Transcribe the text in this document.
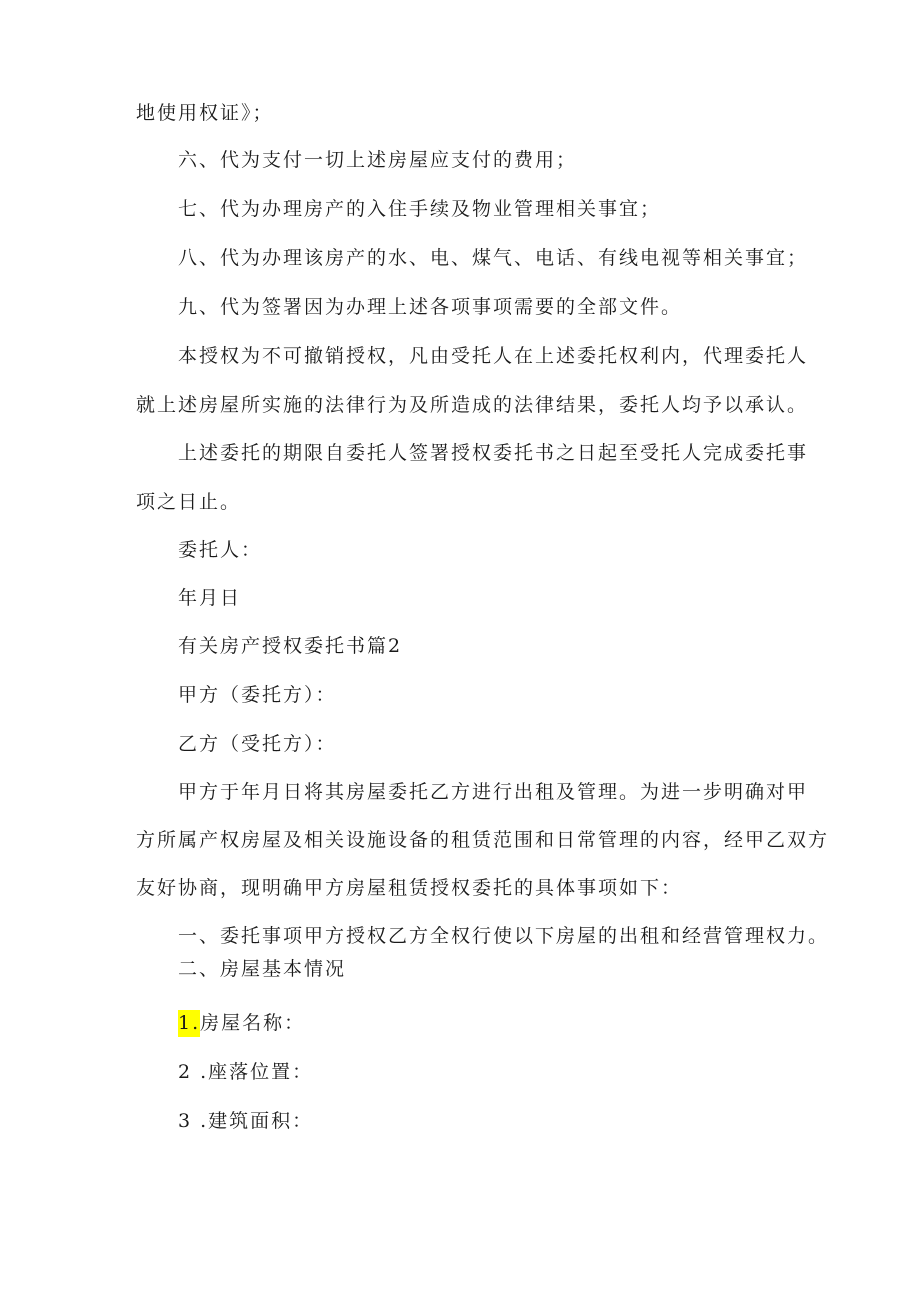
地使用权证》；
六、代为支付一切上述房屋应支付的费用；
七、代为办理房产的入住手续及物业管理相关事宜；
八、代为办理该房产的水、电、煤气、电话、有线电视等相关事宜；
九、代为签署因为办理上述各项事项需要的全部文件。
本授权为不可撤销授权，凡由受托人在上述委托权利内，代理委托人
就上述房屋所实施的法律行为及所造成的法律结果，委托人均予以承认。
上述委托的期限自委托人签署授权委托书之日起至受托人完成委托事
项之日止。
委托人：
年月日
有关房产授权委托书篇2
甲方（委托方）：
乙方（受托方）：
甲方于年月日将其房屋委托乙方进行出租及管理。为进一步明确对甲
方所属产权房屋及相关设施设备的租赁范围和日常管理的内容，经甲乙双方
友好协商，现明确甲方房屋租赁授权委托的具体事项如下：
一、委托事项甲方授权乙方全权行使以下房屋的出租和经营管理权力。
二、房屋基本情况
1.房屋名称：
2 .座落位置：
3 .建筑面积：
